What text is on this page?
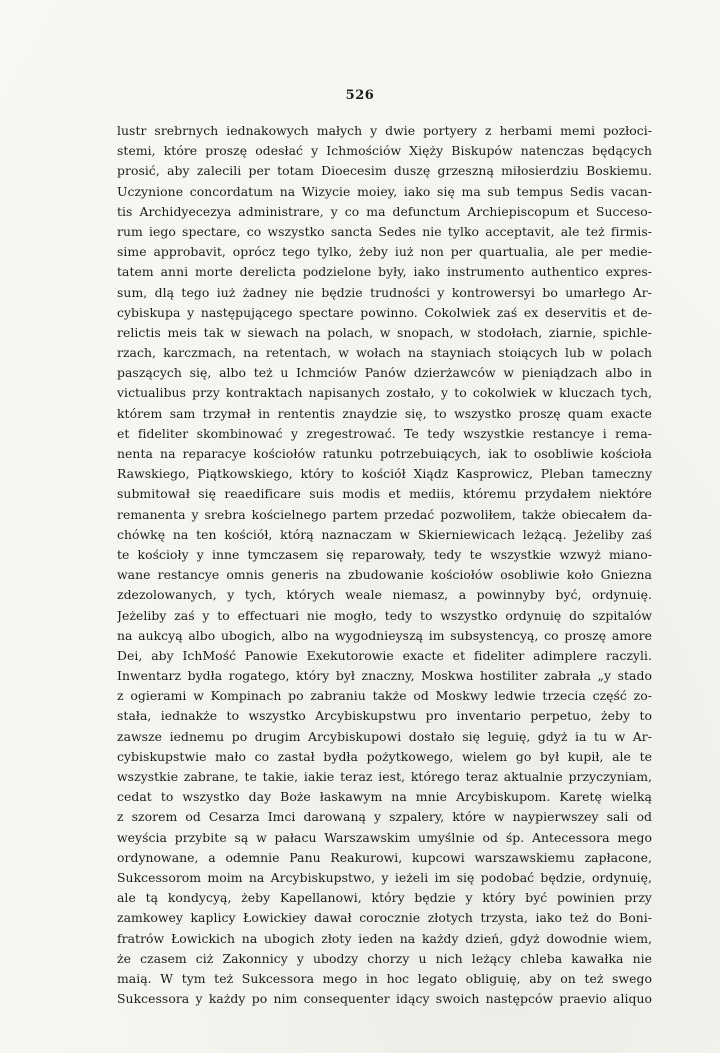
526
lustr srebrnych iednakowych małych y dwie portyery z herbami memi pozłoci-
stemi, które proszę odesłać y Ichmościów Xięży Biskupów natenczas będących
prosić, aby zalecili per totam Dioecesim duszę grzeszną miłosierdziu Boskiemu.
Uczynione concordatum na Wizycie moiey, iako się ma sub tempus Sedis vacan-
tis Archidyecezya administrare, y co ma defunctum Archiepiscopum et Succeso-
rum iego spectare, co wszystko sancta Sedes nie tylko acceptavit, ale też firmis-
sime approbavit, oprócz tego tylko, żeby iuż non per quartualia, ale per medie-
tatem anni morte derelicta podzielone były, iako instrumento authentico expres-
sum, dlą tego iuż żadney nie będzie trudności y kontrowersyi bo umarłego Ar-
cybiskupa y następującego spectare powinno. Cokolwiek zaś ex deservitis et de-
relictis meis tak w siewach na polach, w snopach, w stodołach, ziarnie, spichle-
rzach, karczmach, na retentach, w wołach na stayniach stoiących lub w polach
paszących się, albo też u Ichmciów Panów dzierżawców w pieniądzach albo in
victualibus przy kontraktach napisanych zostało, y to cokolwiek w kluczach tych,
którem sam trzymał in rententis znaydzie się, to wszystko proszę quam exacte
et fideliter skombinować y zregestrować. Te tedy wszystkie restancye i rema-
nenta na reparacye kościołów ratunku potrzebuiących, iak to osobliwie kościoła
Rawskiego, Piątkowskiego, który to kościół Xiądz Kasprowicz, Pleban tameczny
submitował się reaedificare suis modis et mediis, któremu przydałem niektóre
remanenta y srebra kościelnego partem przedać pozwoliłem, także obiecałem da-
chówkę na ten kościół, którą naznaczam w Skierniewicach leżącą. Jeżeliby zaś
te kościoły y inne tymczasem się reparowały, tedy te wszystkie wzwyż miano-
wane restancye omnis generis na zbudowanie kościołów osobliwie koło Gniezna
zdezolowanych, y tych, których weale niemasz, a powinnyby być, ordynuię.
Jeżeliby zaś y to effectuari nie mogło, tedy to wszystko ordynuię do szpitalów
na aukcyą albo ubogich, albo na wygodnieyszą im subsystencyą, co proszę amore
Dei, aby IchMość Panowie Exekutorowie exacte et fideliter adimplere raczyli.
Inwentarz bydła rogatego, który był znaczny, Moskwa hostiliter zabrała „y stado
z ogierami w Kompinach po zabraniu także od Moskwy ledwie trzecia część zo-
stała, iednakże to wszystko Arcybiskupstwu pro inventario perpetuo, żeby to
zawsze iednemu po drugim Arcybiskupowi dostało się leguię, gdyż ia tu w Ar-
cybiskupstwie mało co zastał bydła pożytkowego, wielem go był kupił, ale te
wszystkie zabrane, te takie, iakie teraz iest, którego teraz aktualnie przyczyniam,
cedat to wszystko day Boże łaskawym na mnie Arcybiskupom. Karetę wielką
z szorem od Cesarza Imci darowaną y szpalery, które w naypierwszey sali od
weyścia przybite są w pałacu Warszawskim umyślnie od śp. Antecessora mego
ordynowane, a odemnie Panu Reakurowi, kupcowi warszawskiemu zapłacone,
Sukcessorom moim na Arcybiskupstwo, y ieżeli im się podobać będzie, ordynuię,
ale tą kondycyą, żeby Kapellanowi, który będzie y który być powinien przy
zamkowey kaplicy Łowickiey dawał corocznie złotych trzysta, iako też do Boni-
fratrów Łowickich na ubogich złoty ieden na każdy dzień, gdyż dowodnie wiem,
że czasem ciż Zakonnicy y ubodzy chorzy u nich leżący chleba kawałka nie
maią. W tym też Sukcessora mego in hoc legato obliguię, aby on też swego
Sukcessora y każdy po nim consequenter idący swoich następców praevio aliquo
